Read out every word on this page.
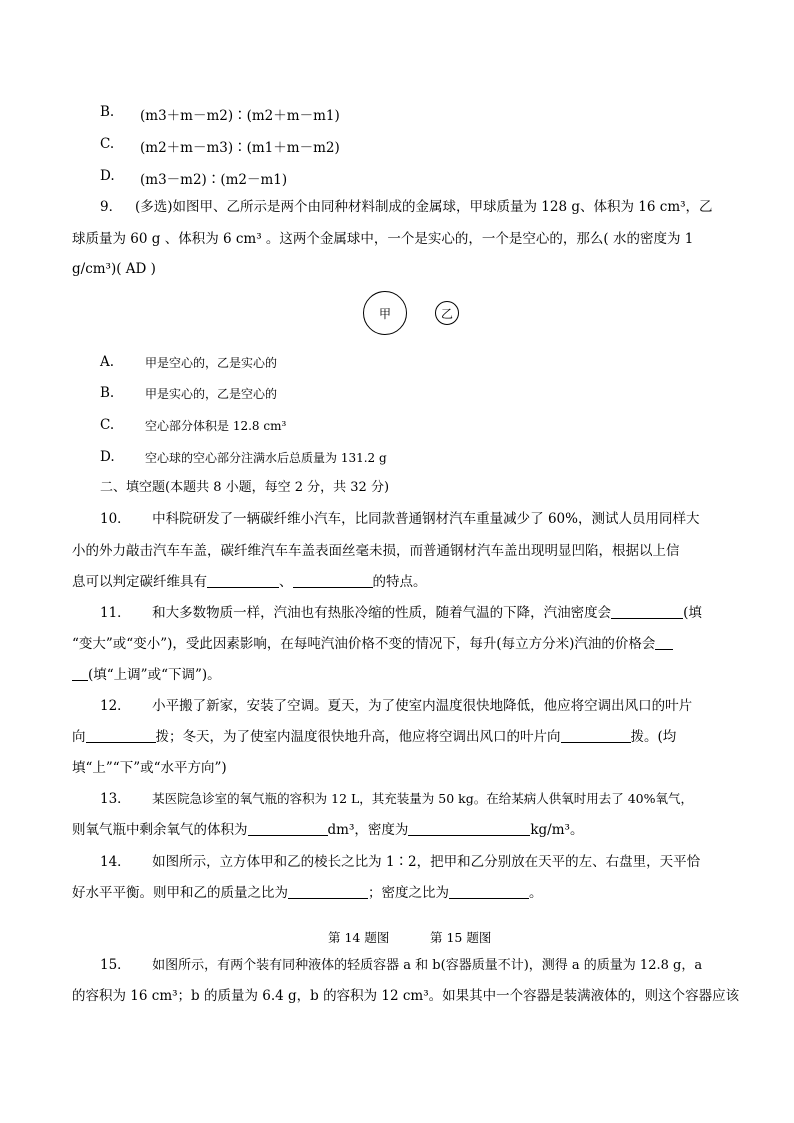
B. (m3＋m－m2)∶(m2＋m－m1)
C. (m2＋m－m3)∶(m1＋m－m2)
D. (m3－m2)∶(m2－m1)
9． (多选)如图甲、乙所示是两个由同种材料制成的金属球，甲球质量为 128 g、体积为 16 cm³，乙
球质量为 60 g 、体积为 6 cm³ 。这两个金属球中，一个是实心的，一个是空心的，那么( 水的密度为 1
g/cm³)( AD )
甲	乙
A.	甲是空心的，乙是实心的
B.	甲是实心的，乙是空心的
C.	空心部分体积是 12.8 cm³
D.	空心球的空心部分注满水后总质量为 131.2 g
二、填空题(本题共 8 小题，每空 2 分，共 32 分)
10． 中科院研发了一辆碳纤维小汽车，比同款普通钢材汽车重量减少了 60%，测试人员用同样大
小的外力敲击汽车车盖，碳纤维汽车车盖表面丝毫未损，而普通钢材汽车盖出现明显凹陷，根据以上信
息可以判定碳纤维具有	、	的特点。
11． 和大多数物质一样，汽油也有热胀冷缩的性质，随着气温的下降，汽油密度会	(填
“变大”或“变小”)，受此因素影响，在每吨汽油价格不变的情况下，每升(每立方分米)汽油的价格会
(填“上调”或“下调”)。
12． 小平搬了新家，安装了空调。夏天，为了使室内温度很快地降低，他应将空调出风口的叶片
向	拨；冬天，为了使室内温度很快地升高，他应将空调出风口的叶片向	拨。(均
填“上”“下”或“水平方向”)
13． 某医院急诊室的氧气瓶的容积为 12 L，其充装量为 50 kg。在给某病人供氧时用去了 40%氧气，
则氧气瓶中剩余氧气的体积为	dm³，密度为	kg/m³。
14． 如图所示，立方体甲和乙的棱长之比为 1∶2，把甲和乙分别放在天平的左、右盘里，天平恰
好水平平衡。则甲和乙的质量之比为	；密度之比为	。
第 14 题图	第 15 题图
15． 如图所示，有两个装有同种液体的轻质容器 a 和 b(容器质量不计)，测得 a 的质量为 12.8 g，a
的容积为 16 cm³；b 的质量为 6.4 g，b 的容积为 12 cm³。如果其中一个容器是装满液体的，则这个容器应该
